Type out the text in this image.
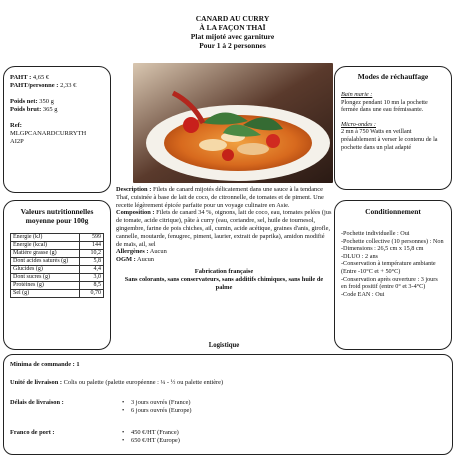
CANARD AU CURRY
À LA FAÇON THAÏ
Plat mijoté avec garniture
Pour 1 à 2 personnes
PAHT : 4,65 €
PAHT/personne : 2,33 €
Poids net: 350 g
Poids brut: 365 g
Ref:
MLGPCANARDCURRYTH
AI2P
Valeurs nutritionnelles
moyenne pour 100g
Energie (kJ)	599
Energie (kcal)	144
Matière grasse (g)	10,2
Dont acides saturés (g)	5,8
Glucides (g)	4,4
Dont sucres (g)	3,0
Protéines (g)	8,5
Sel (g)	0,70
Modes de réchauffage
Bain marie :
Plongez pendant 10 mn la pochette fermée dans une eau frémissante.
Micro-ondes :
2 mn à 750 Watts en veillant préalablement à verser le contenu de la pochette dans un plat adapté
Conditionnement
-Pochette individuelle : Oui
-Pochette collective (10 personnes) : Non
-Dimensions : 26,5 cm x 15,8 cm
-DLUO : 2 ans
-Conservation à température ambiante
(Entre -10°C et + 50°C)
-Conservation après ouverture : 3 jours en froid positif (entre 0° et 3-4°C)
-Code EAN : Oui
Description : Filets de canard mijotés délicatement dans une sauce à la tendance Thaï, cuisinée à base de lait de coco, de citronnelle, de tomates et de piment. Une recette légèrement épicée parfaite pour un voyage culinaire en Asie.
Composition : Filets de canard 34 %, oignons, lait de coco, eau, tomates pelées (jus de tomate, acide citrique), pâte à curry (eau, coriandre, sel, huile de tournesol, gingembre, farine de pois chiches, ail, cumin, acide acétique, graines d'anis, girofle, cannelle, moutarde, fenugrec, piment, laurier, extrait de paprika), amidon modifié de maïs, ail, sel
Allergènes : Aucun
OGM : Aucun
Fabrication française
Sans colorants, sans conservateurs, sans additifs chimiques, sans huile de palme
Logistique
Minima de commande : 1
Unité de livraison : Colis ou palette (palette européenne : ¼ - ½ ou palette entière)
Délais de livraison :	• 3 jours ouvrés (France)
• 6 jours ouvrés (Europe)
Franco de port :	• 450 €/HT (France)
• 650 €/HT (Europe)
